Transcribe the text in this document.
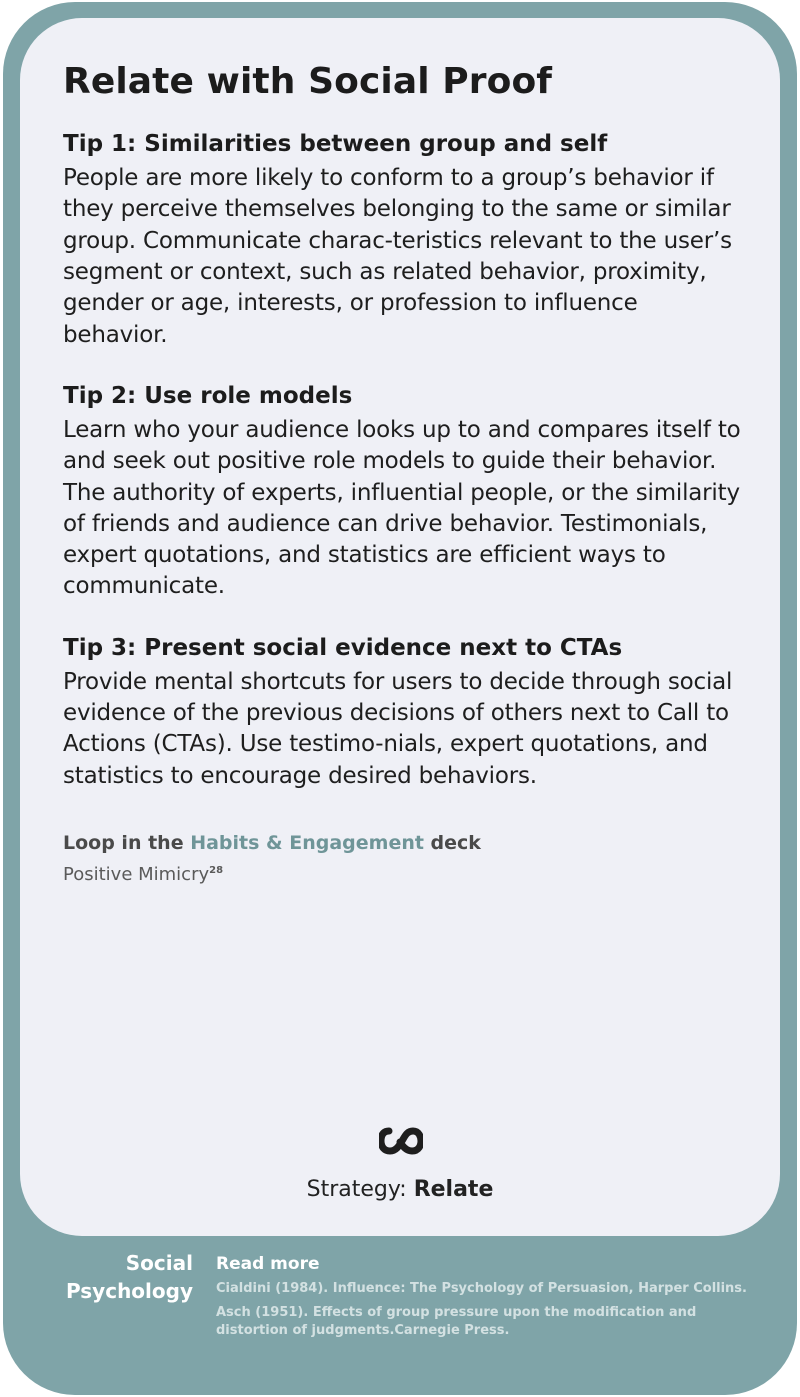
Relate with Social Proof
Tip 1: Similarities between group and self

People are more likely to conform to a group’s behavior if they perceive themselves belonging to the same or similar group. Communicate charac-teristics relevant to the user’s segment or context, such as related behavior, proximity, gender or age, interests, or profession to influence behavior.

Tip 2: Use role models

Learn who your audience looks up to and compares itself to and seek out positive role models to guide their behavior. The authority of experts, influential people, or the similarity of friends and audience can drive behavior. Testimonials, expert quotations, and statistics are efficient ways to communicate.

Tip 3: Present social evidence next to CTAs

Provide mental shortcuts for users to decide through social evidence of the previous decisions of others next to Call to Actions (CTAs). Use testimo-nials, expert quotations, and statistics to encourage desired behaviors.

Loop in the Habits & Engagement deck
Positive Mimicry$^{28}$
Strategy: Relate
Social
Psychology
Read more
Cialdini (1984). Influence: The Psychology of Persuasion, Harper Collins.
Asch (1951). Effects of group pressure upon the modification and distortion of judgments.Carnegie Press.
